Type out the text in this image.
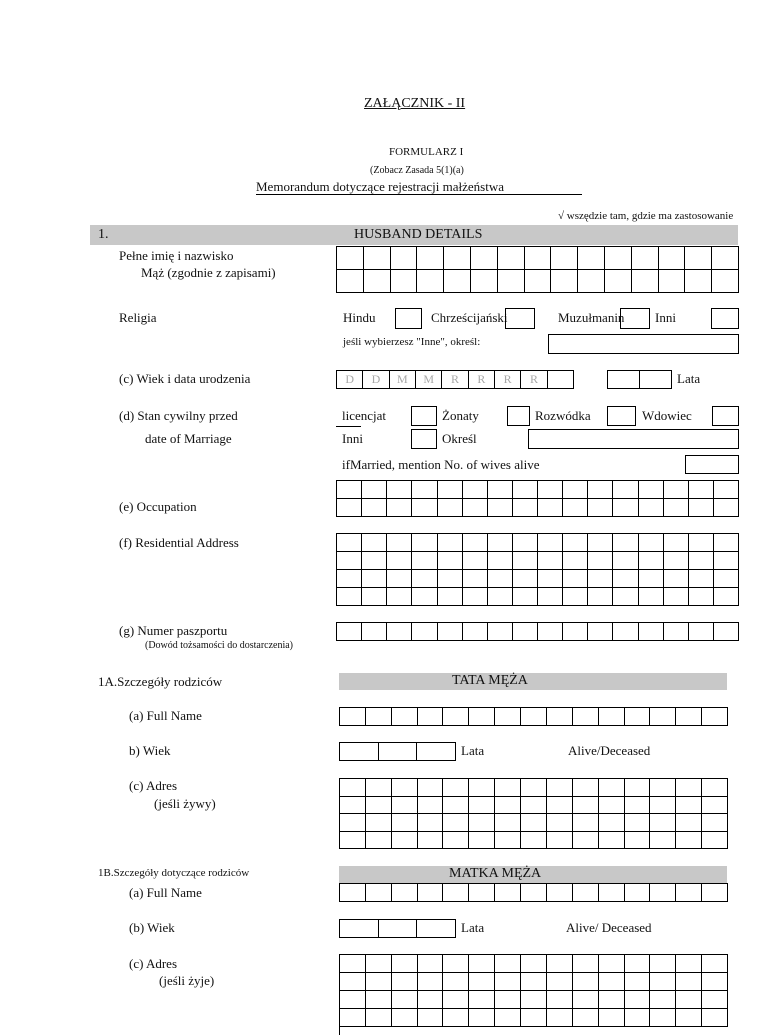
ZAŁĄCZNIK - II
FORMULARZ I
(Zobacz Zasada 5(1)(a)
Memorandum dotyczące rejestracji małżeństwa
√ wszędzie tam, gdzie ma zastosowanie
1.	HUSBAND DETAILS
Pełne imię i nazwisko
Mąż (zgodnie z zapisami)
Religia	Hindu	Chrześcijański	Muzułmanin Inni
jeśli wybierzesz "Inne", określ:
(c) Wiek i data urodzenia	D	D	M	M	R	R	R	R	Lata
(d) Stan cywilny przed
date of Marriage
licencjat	Żonaty	Rozwódka	Wdowiec
Inni	Określ
ifMarried, mention No. of wives alive
(e) Occupation
(f) Residential Address
(g) Numer paszportu
(Dowód tożsamości do dostarczenia)
1A.Szczegóły rodziców	TATA MĘŻA
(a) Full Name
b) Wiek	Lata	Alive/Deceased
(c) Adres
(jeśli żywy)
1B.Szczegóły dotyczące rodziców	MATKA MĘŻA
(a) Full Name
(b) Wiek	Lata	Alive/ Deceased
(c) Adres
(jeśli żyje)
